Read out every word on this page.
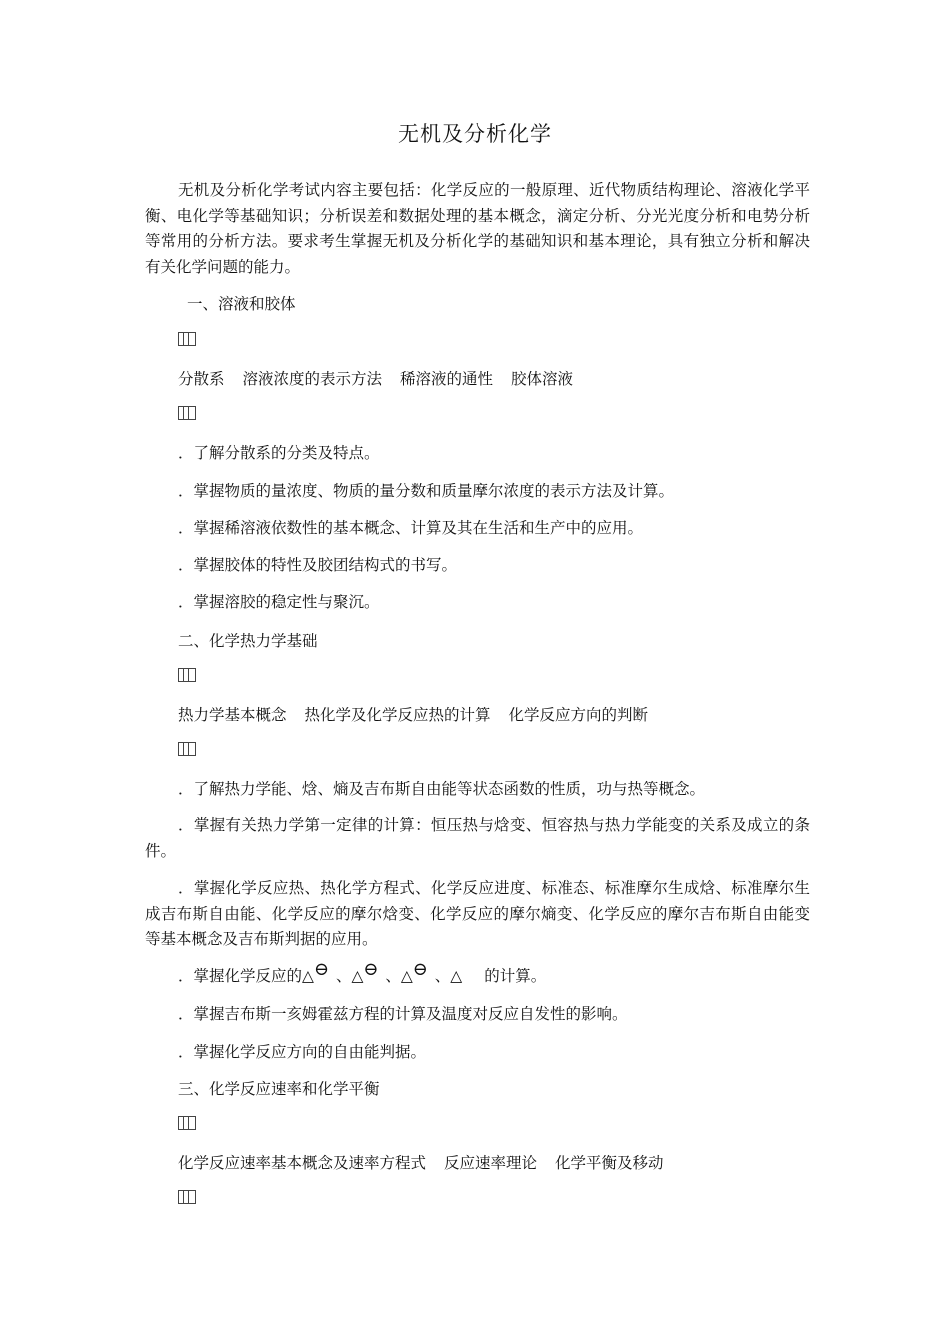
无机及分析化学

无机及分析化学考试内容主要包括：化学反应的一般原理、近代物质结构理论、溶液化学平衡、电化学等基础知识；分析误差和数据处理的基本概念，滴定分析、分光光度分析和电势分析等常用的分析方法。要求考生掌握无机及分析化学的基础知识和基本理论，具有独立分析和解决有关化学问题的能力。

一、溶液和胶体
分散系 溶液浓度的表示方法 稀溶液的通性 胶体溶液
．了解分散系的分类及特点。
．掌握物质的量浓度、物质的量分数和质量摩尔浓度的表示方法及计算。
．掌握稀溶液依数性的基本概念、计算及其在生活和生产中的应用。
．掌握胶体的特性及胶团结构式的书写。
．掌握溶胶的稳定性与聚沉。
二、化学热力学基础
热力学基本概念 热化学及化学反应热的计算 化学反应方向的判断
．了解热力学能、焓、熵及吉布斯自由能等状态函数的性质，功与热等概念。

．掌握有关热力学第一定律的计算：恒压热与焓变、恒容热与热力学能变的关系及成立的条件。

．掌握化学反应热、热化学方程式、化学反应进度、标准态、标准摩尔生成焓、标准摩尔生成吉布斯自由能、化学反应的摩尔焓变、化学反应的摩尔熵变、化学反应的摩尔吉布斯自由能变等基本概念及吉布斯判据的应用。

．掌握化学反应的△ ⊖ 、△ ⊖ 、△ ⊖ 、△ 的计算。
．掌握吉布斯一亥姆霍兹方程的计算及温度对反应自发性的影响。
．掌握化学反应方向的自由能判据。
三、化学反应速率和化学平衡
化学反应速率基本概念及速率方程式 反应速率理论 化学平衡及移动
